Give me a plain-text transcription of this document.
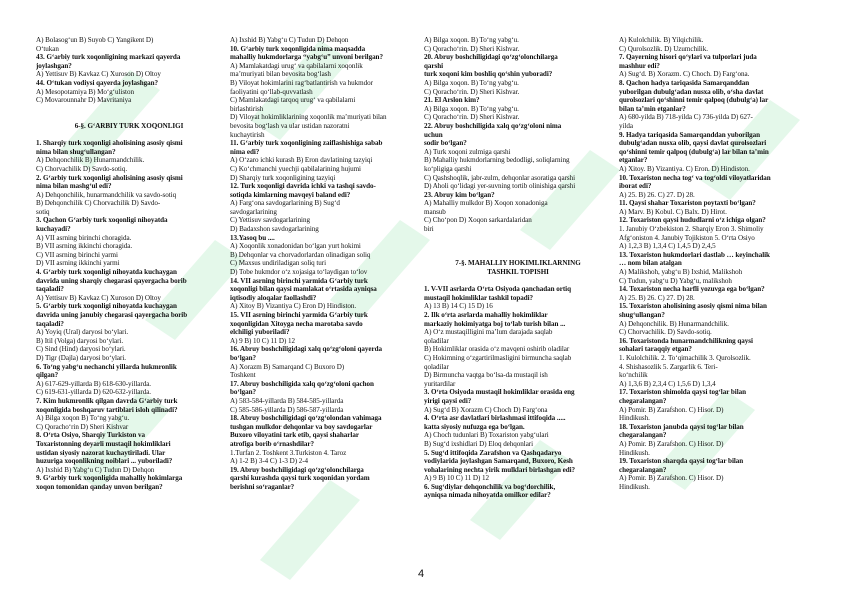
A) Bolasog‘un B) Suyob C) Yangikent D)
O‘tukan
43. G‘arbiy turk xoqonligining markazi qayerda
joylashgan?
A) Yettisuv B) Kavkaz C) Xuroson D) Oltoy
44. O‘tukan vodiysi qayerda joylashgan?
A) Mesopotamiya B) Mo‘g‘uliston
C) Movarounnahr D) Mavritaniya
6-§. G‘ARBIY TURK XOQONLIGI
1. Sharqiy turk xoqonligi aholisining asosiy qismi
nima bilan shug‘ullangan?
A) Dehqonchilik B) Hunarmandchilik.
C) Chorvachilik D) Savdo-sotiq.
2. G‘arbiy turk xoqonligi aholisining asosiy qismi
nima bilan mashg‘ul edi?
A) Dehqonchilik, hunarmandchilik va savdo-sotiq
B) Dehqonchilik C) Chorvachilik D) Savdo-
sotiq
3. Qachon G‘arbiy turk xoqonligi nihoyatda
kuchayadi?
A) VII asrning birinchi choragida.
B) VII asrning ikkinchi choragida.
C) VII asrning birinchi yarmi
D) VII asrning ikkinchi yarmi
4. G‘arbiy turk xoqonligi nihoyatda kuchaygan
davrida uning sharqiy chegarasi qayergacha borib
taqaladi?
A) Yettisuv B) Kavkaz C) Xuroson D) Oltoy
5. G‘arbiy turk xoqonligi nihoyatda kuchaygan
davrida uning janubiy chegarasi qayergacha borib
taqaladi?
A) Yoyiq (Ural) daryosi bo‘ylari.
B) Itil (Volga) daryosi bo‘ylari.
C) Sind (Hind) daryosi bo‘ylari.
D) Tigr (Dajla) daryosi bo‘ylari.
6. To‘ng yabg‘u nechanchi yillarda hukmronlik
qilgan?
A) 617-629-yillarda B) 618-630-yillarda.
C) 619-631-yillarda D) 620-632-yillarda.
7. Kim hukmronlik qilgan davrda G‘arbiy turk
xoqonligida boshqaruv tartiblari isloh qilinadi?
A) Bilga xoqon B) To‘ng yabg‘u.
C) Qoracho‘rin D) Sheri Kishvar
8. O‘rta Osiyo, Sharqiy Turkiston va
Toxaristonning deyarli mustaqil hokimliklari
ustidan siyosiy nazorat kuchaytiriladi. Ular
huzuriga xoqonlikning noiblari ... yuboriladi?
A) Ixshid B) Yabg‘u C) Tudun D) Dehqon
9. G‘arbiy turk xoqonligida mahalliy hokimlarga
xoqon tomonidan qanday unvon berilgan?
A) Ixshid B) Yabg‘u C) Tudun D) Dehqon
10. G‘arbiy turk xoqonligida nima maqsadda
mahalliy hukmdorlarga “yabg‘u” unvoni berilgan?
A) Mamlakatdagi urug‘ va qabilalarni xoqonlik
ma’muriyati bilan bevosita bog‘lash
B) Viloyat hokimlarini rag‘batlantirish va hukmdor
faoliyatini qo‘llab-quvvatlash
C) Mamlakatdagi tarqoq urug‘ va qabilalarni
birlashtirish
D) Viloyat hokimliklarining xoqonlik ma’muriyati bilan
bevosita bog‘lash va ular ustidan nazoratni
kuchaytirish
11. G‘arbiy turk xoqonligining zaiflashishiga sabab
nima edi?
A) O‘zaro ichki kurash B) Eron davlatining tazyiqi
C) Ko‘chmanchi yuechji qabilalarining hujumi
D) Sharqiy turk xoqonligining tazyiqi
12. Turk xoqonligi davrida ichki va tashqi savdo-
sotiqda kimlarning mavqeyi baland edi?
A) Farg‘ona savdogarlarining B) Sug‘d
savdogarlarining
C) Yettisuv savdogarlarining
D) Badaxshon savdogarlarining
13.Yasoq bu ....
A) Xoqonlik xonadonidan bo‘lgan yurt hokimi
B) Dehqonlar va chorvadorlardan olinadigan soliq
C) Maxsus undiriladigan soliq turi
D) Tobe hukmdor o‘z xojasiga to‘laydigan to‘lov
14. VII asrning birinchi yarmida G‘arbiy turk
xoqonligi bilan qaysi mamlakat o‘rtasida ayniqsa
iqtisodiy aloqalar faollashdi?
A) Xitoy B) Vizantiya C) Eron D) Hindiston.
15. VII asrning birinchi yarmida G‘arbiy turk
xoqonligidan Xitoyga necha marotaba savdo
elchiligi yuboriladi?
A) 9 B) 10 C) 11 D) 12
16. Abruy boshchiligidagi xalq qo‘zg‘oloni qayerda
bo‘lgan?
A) Xorazm B) Samarqand C) Buxoro D)
Toshkent
17. Abruy boshchiligida xalq qo‘zg‘oloni qachon
bo‘lgan?
A) 583-584-yillarda B) 584-585-yillarda
C) 585-586-yillarda D) 586-587-yillarda
18. Abruy boshchiligidagi qo‘zg‘olondan vahimaga
tushgan mulkdor dehqonlar va boy savdogarlar
Buxoro viloyatini tark etib, qaysi shaharlar
atrofiga borib o‘rnashdilar?
1.Turfan 2. Toshkent 3.Turkiston 4. Taroz
A) 1-2 B) 3-4 C) 1-3 D) 2-4
19. Abruy boshchiligidagi qo‘zg‘olonchilarga
qarshi kurashda qaysi turk xoqonidan yordam
berishni so‘raganlar?
A) Bilga xoqon. B) To‘ng yabg‘u.
C) Qoracho‘rin. D) Sheri Kishvar.
20. Abruy boshchiligidagi qo‘zg‘olonchilarga
qarshi
turk xoqoni kim boshliq qo‘shin yuboradi?
A) Bilga xoqon. B) To‘ng yabg‘u.
C) Qoracho‘rin. D) Sheri Kishvar.
21. El Arslon kim?
A) Bilga xoqon. B) To‘ng yabg‘u.
C) Qoracho‘rin. D) Sheri Kishvar.
22. Abruy boshchiligida xalq qo‘zg‘oloni nima
uchun
sodir bo‘lgan?
A) Turk xoqoni zulmiga qarshi
B) Mahalliy hukmdorlarning bedodligi, soliqlarning
ko‘pligiga qarshi
C) Qashshoqlik, jabr-zulm, dehqonlar asoratiga qarshi
D) Aholi qo‘lidagi yer-suvning tortib olinishiga qarshi
23. Abruy kim bo‘lgan?
A) Mahalliy mulkdor B) Xoqon xonadoniga
mansub
C) Cho‘pon D) Xoqon sarkardalaridan
biri
7-§. MAHALLIY HOKIMLIKLARNING
TASHKIL TOPISHI
1. V-VII asrlarda O‘rta Osiyoda qanchadan ortiq
mustaqil hokimliklar tashkil topadi?
A) 13 B) 14 C) 15 D) 16
2. Ilk o‘rta asrlarda mahalliy hokimliklar
markaziy hokimiyatga boj to‘lab turish bilan ...
A) O‘z mustaqilligini ma’lum darajada saqlab
qoladilar
B) Hokimliklar orasida o‘z mavqeni oshirib oladilar
C) Hokimning o‘zgartirilmasligini birmuncha saqlab
qoladilar
D) Birmuncha vaqtga bo‘lsa-da mustaqil ish
yuritardilar
3. O‘rta Osiyoda mustaqil hokimliklar orasida eng
yirigi qaysi edi?
A) Sug‘d B) Xorazm C) Choch D) Farg‘ona
4. O‘rta asr davlatlari birlashmasi ittifoqida .....
katta siyosiy nufuzga ega bo‘lgan.
A) Choch tudunlari B) Toxariston yabg‘ulari
B) Sug‘d ixshidlari D) Eloq dehqonlari
5. Sug‘d ittifoqida Zarafshon va Qashqadaryo
vodiylarida joylashgan Samarqand, Buxoro, Kesh
vohalarining nechta yirik mulklari birlashgan edi?
A) 9 B) 10 C) 11 D) 12
6. Sug‘diylar dehqonchilik va bog‘dorchilik,
ayniqsa nimada nihoyatda omilkor edilar?
A) Kulolchilik. B) Yilqichilik.
C) Qurolsozlik. D) Uzumchilik.
7. Qayerning hisori qo‘ylari va tulporlari juda
mashhur edi?
A) Sug‘d. B) Xorazm. C) Choch. D) Farg‘ona.
8. Qachon hadya tariqasida Samarqanddan
yuborilgan dubulg‘adan nusxa olib, o‘sha davlat
qurolsozlari qo‘shinni temir qalpoq (dubulg‘a) lar
bilan ta’min etganlar?
A) 680-yilda B) 718-yilda C) 736-yilda D) 627-
yilda
9. Hadya tariqasida Samarqanddan yuborilgan
dubulg‘adan nusxa olib, qaysi davlat qurolsozlari
qo‘shinni temir qalpoq (dubulg‘a) lar bilan ta’min
etganlar?
A) Xitoy. B) Vizantiya. C) Eron. D) Hindiston.
10. Toxariston necha tog‘ va tog‘oldi viloyatlaridan
iborat edi?
A) 25. B) 26. C) 27. D) 28.
11. Qaysi shahar Toxariston poytaxti bo‘lgan?
A) Marv. B) Kobul. C) Balx. D) Hirot.
12. Toxariston qaysi hududlarni o‘z ichiga olgan?
1. Janubiy O‘zbekiston 2. Sharqiy Eron 3. Shimoliy
Afg‘oniston 4. Janubiy Tojikiston 5. O‘rta Osiyo
A) 1,2,3 B) 1,3,4 C) 1,4,5 D) 2,4,5
13. Toxariston hukmdorlari dastlab … keyinchalik
… nom bilan atalgan
A) Malikshoh, yabg‘u B) Ixshid, Malikshoh
C) Tudun, yabg‘u D) Yabg‘u, malikshoh
14. Toxariston necha harfli yozuvga ega bo‘lgan?
A) 25. B) 26. C) 27. D) 28.
15. Toxariston aholisining asosiy qismi nima bilan
shug‘ullangan?
A) Dehqonchilik. B) Hunarmandchilik.
C) Chorvachilik. D) Savdo-sotiq.
16. Toxaristonda hunarmandchilikning qaysi
sohalari taraqqiy etgan?
1. Kulolchilik. 2. To‘qimachilik 3. Qurolsozlik.
4. Shishasozlik 5. Zargarlik 6. Teri-
ko‘nchilik
A) 1,3,6 B) 2,3,4 C) 1,5,6 D) 1,3,4
17. Toxariston shimolda qaysi tog‘lar bilan
chegaralangan?
A) Pomir. B) Zarafshon. C) Hisor. D)
Hindikush.
18. Toxariston janubda qaysi tog‘lar bilan
chegaralangan?
A) Pomir. B) Zarafshon. C) Hisor. D)
Hindikush.
19. Toxariston sharqda qaysi tog‘lar bilan
chegaralangan?
A) Pomir. B) Zarafshon. C) Hisor. D)
Hindikush.
4
